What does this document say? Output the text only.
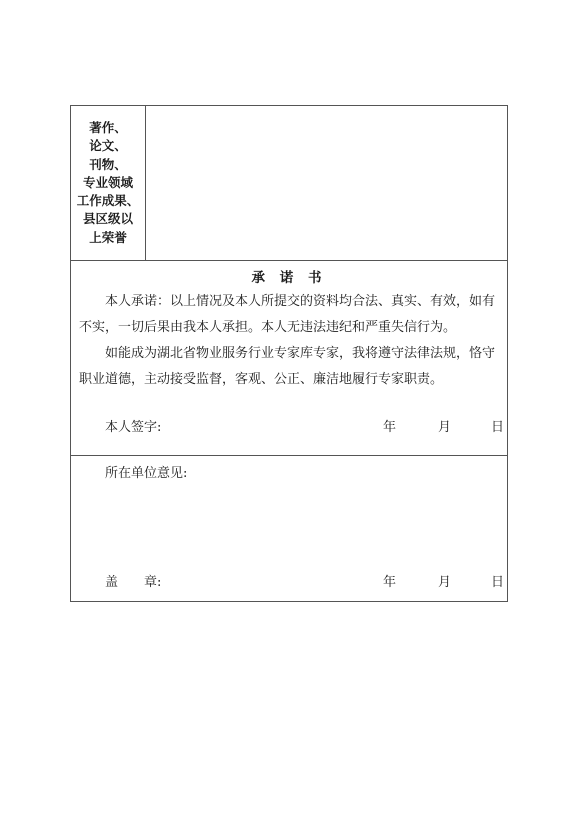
著作、
论文、
刊物、
专业领域
工作成果、
县区级以
上荣誉
承 诺 书
本人承诺：以上情况及本人所提交的资料均合法、真实、有效，如有
不实，一切后果由我本人承担。本人无违法违纪和严重失信行为。
如能成为湖北省物业服务行业专家库专家，我将遵守法律法规，恪守
职业道德，主动接受监督，客观、公正、廉洁地履行专家职责。
本人签字:	年	月	日
所在单位意见:
盖　　章:	年	月	日
